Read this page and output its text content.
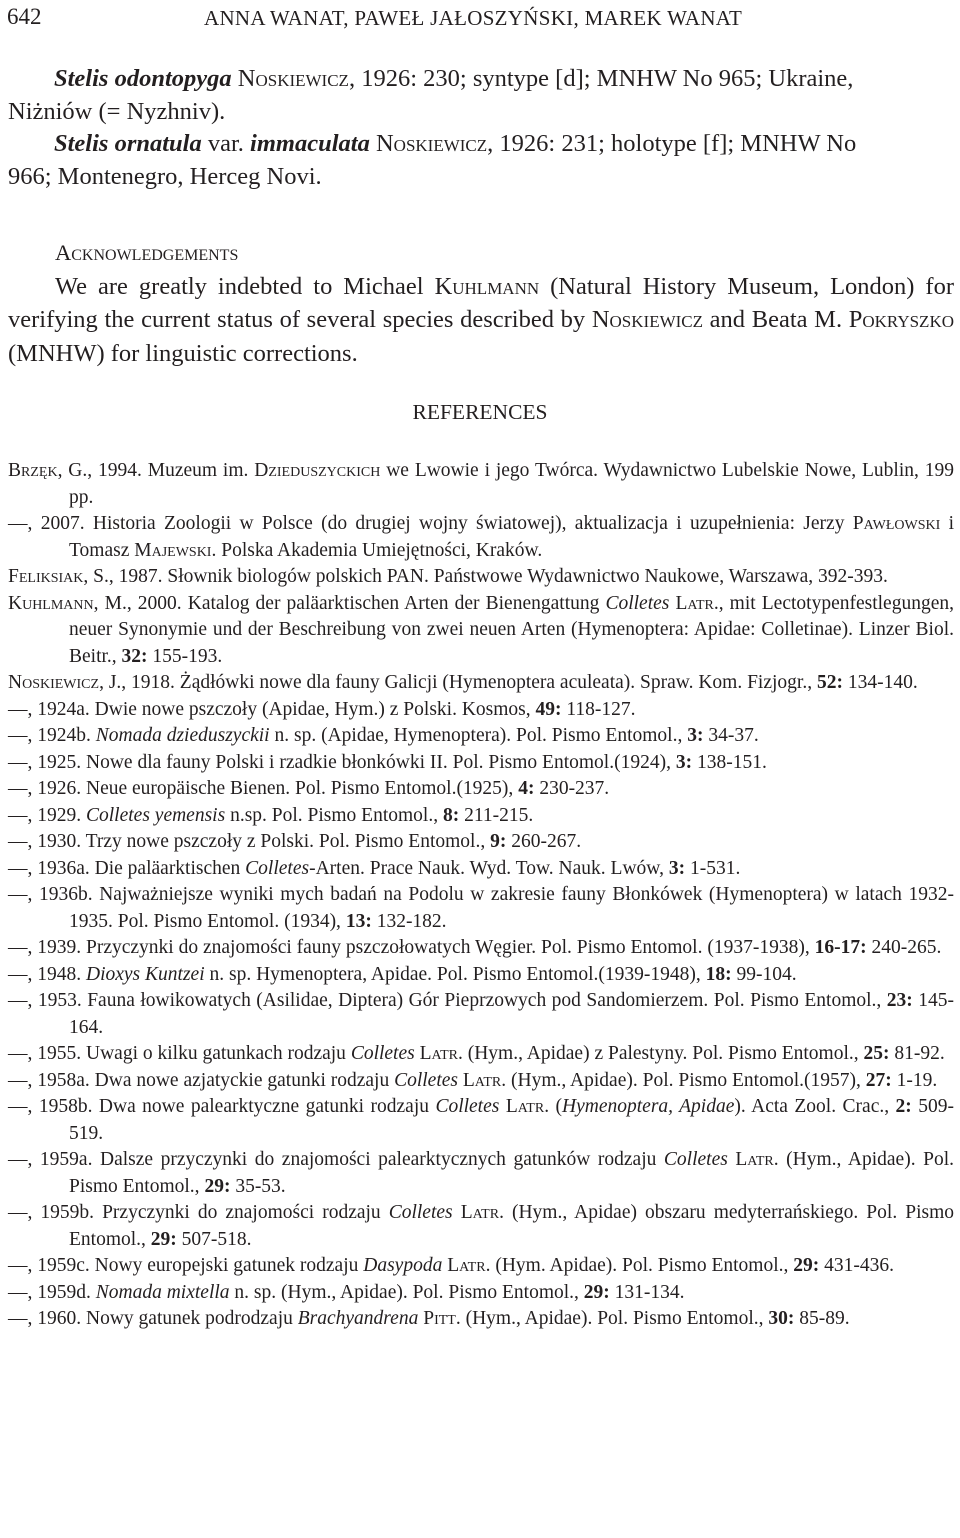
642	ANNA WANAT, PAWEŁ JAŁOSZYŃSKI, MAREK WANAT
Stelis odontopyga Noskiewicz, 1926: 230; syntype [d]; MNHW No 965; Ukraine,
Niżniów (= Nyzhniv).
Stelis ornatula var. immaculata Noskiewicz, 1926: 231; holotype [f]; MNHW No
966; Montenegro, Herceg Novi.
Acknowledgements

We are greatly indebted to Michael Kuhlmann (Natural History Museum, London) for verifying the current status of several species described by Noskiewicz and Beata M. Pokryszko (MNHW) for linguistic corrections.

REFERENCES

Brzęk, G., 1994. Muzeum im. Dzieduszyckich we Lwowie i jego Twórca. Wydawnictwo Lubelskie Nowe, Lublin, 199 pp.

—, 2007. Historia Zoologii w Polsce (do drugiej wojny światowej), aktualizacja i uzupełnienia: Jerzy Pawłowski i Tomasz Majewski. Polska Akademia Umiejętności, Kraków.

Feliksiak, S., 1987. Słownik biologów polskich PAN. Państwowe Wydawnictwo Naukowe, Warszawa, 392-393.

Kuhlmann, M., 2000. Katalog der paläarktischen Arten der Bienengattung Colletes Latr., mit Lectotypenfestlegungen, neuer Synonymie und der Beschreibung von zwei neuen Arten (Hymenoptera: Apidae: Colletinae). Linzer Biol. Beitr., 32: 155-193.

Noskiewicz, J., 1918. Żądłówki nowe dla fauny Galicji (Hymenoptera aculeata). Spraw. Kom. Fizjogr., 52: 134-140.

—, 1924a. Dwie nowe pszczoły (Apidae, Hym.) z Polski. Kosmos, 49: 118-127.

—, 1924b. Nomada dzieduszyckii n. sp. (Apidae, Hymenoptera). Pol. Pismo Entomol., 3: 34-37.

—, 1925. Nowe dla fauny Polski i rzadkie błonkówki II. Pol. Pismo Entomol.(1924), 3: 138-151.

—, 1926. Neue europäische Bienen. Pol. Pismo Entomol.(1925), 4: 230-237.

—, 1929. Colletes yemensis n.sp. Pol. Pismo Entomol., 8: 211-215.

—, 1930. Trzy nowe pszczoły z Polski. Pol. Pismo Entomol., 9: 260-267.

—, 1936a. Die paläarktischen Colletes-Arten. Prace Nauk. Wyd. Tow. Nauk. Lwów, 3: 1-531.

—, 1936b. Najważniejsze wyniki mych badań na Podolu w zakresie fauny Błonkówek (Hymenoptera) w latach 1932-1935. Pol. Pismo Entomol. (1934), 13: 132-182.

—, 1939. Przyczynki do znajomości fauny pszczołowatych Węgier. Pol. Pismo Entomol. (1937-1938), 16-17: 240-265.

—, 1948. Dioxys Kuntzei n. sp. Hymenoptera, Apidae. Pol. Pismo Entomol.(1939-1948), 18: 99-104.

—, 1953. Fauna łowikowatych (Asilidae, Diptera) Gór Pieprzowych pod Sandomierzem. Pol. Pismo Entomol., 23: 145-164.

—, 1955. Uwagi o kilku gatunkach rodzaju Colletes Latr. (Hym., Apidae) z Palestyny. Pol. Pismo Entomol., 25: 81-92.

—, 1958a. Dwa nowe azjatyckie gatunki rodzaju Colletes Latr. (Hym., Apidae). Pol. Pismo Entomol.(1957), 27: 1-19.

—, 1958b. Dwa nowe palearktyczne gatunki rodzaju Colletes Latr. (Hymenoptera, Apidae). Acta Zool. Crac., 2: 509-519.

—, 1959a. Dalsze przyczynki do znajomości palearktycznych gatunków rodzaju Colletes Latr. (Hym., Apidae). Pol. Pismo Entomol., 29: 35-53.

—, 1959b. Przyczynki do znajomości rodzaju Colletes Latr. (Hym., Apidae) obszaru medyterrańskiego. Pol. Pismo Entomol., 29: 507-518.

—, 1959c. Nowy europejski gatunek rodzaju Dasypoda Latr. (Hym. Apidae). Pol. Pismo Entomol., 29: 431-436.

—, 1959d. Nomada mixtella n. sp. (Hym., Apidae). Pol. Pismo Entomol., 29: 131-134.

—, 1960. Nowy gatunek podrodzaju Brachyandrena Pitt. (Hym., Apidae). Pol. Pismo Entomol., 30: 85-89.
